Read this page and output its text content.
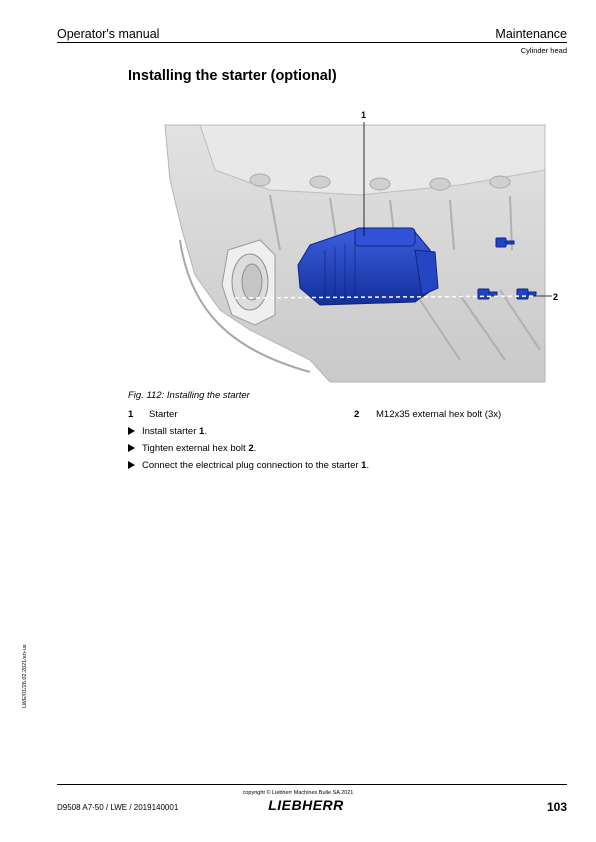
Operator's manual	Maintenance
Cylinder head
Installing the starter (optional)
1
2
Fig. 112: Installing the starter
1 Starter	2 M12x35 external hex bolt (3x)
Install starter 1.
Tighten external hex bolt 2.
Connect the electrical plug connection to the starter 1.
LWE/01/26.02.2021/en-us
copyright © Liebherr Machines Bulle SA 2021
D9508 A7-50 / LWE / 2019140001	LIEBHERR	103
